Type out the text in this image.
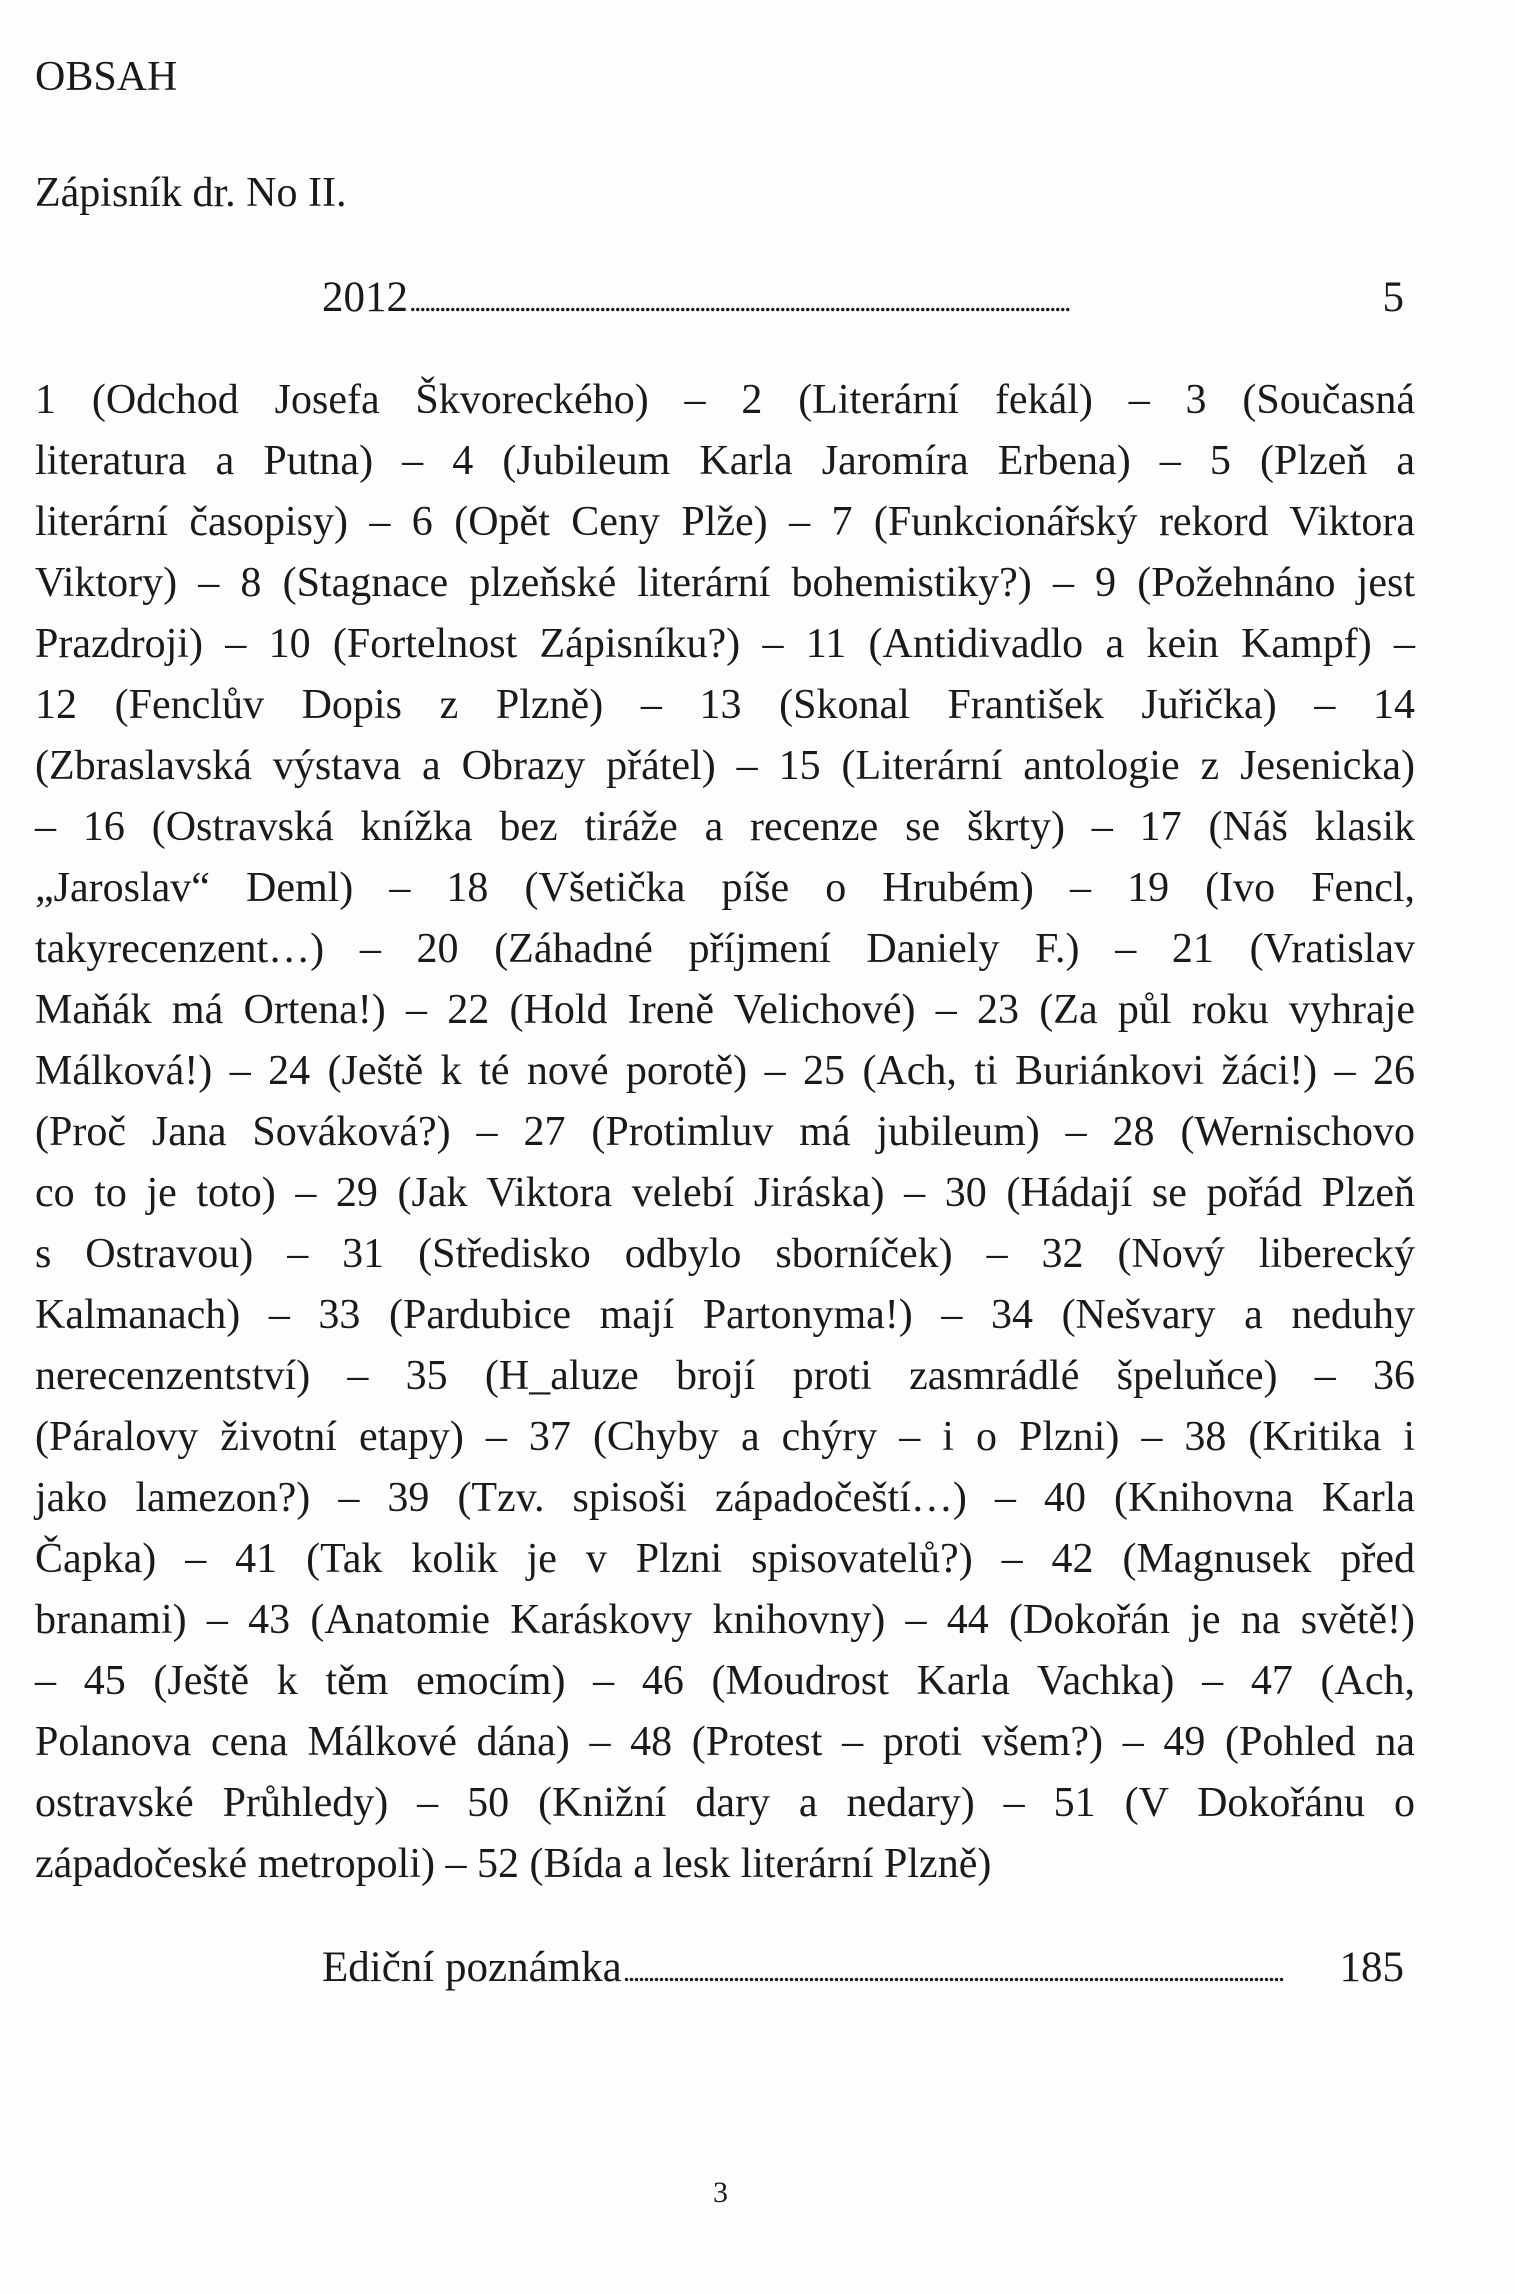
OBSAH
Zápisník dr. No II.
2012 . . .	5
1 (Odchod Josefa Škvoreckého) – 2 (Literární fekál) – 3 (Současná
literatura a Putna) – 4 (Jubileum Karla Jaromíra Erbena) – 5 (Plzeň a
literární časopisy) – 6 (Opět Ceny Plže) – 7 (Funkcionářský rekord Viktora
Viktory) – 8 (Stagnace plzeňské literární bohemistiky?) – 9 (Požehnáno jest
Prazdroji) – 10 (Fortelnost Zápisníku?) – 11 (Antidivadlo a kein Kampf) –
12 (Fenclův Dopis z Plzně) – 13 (Skonal František Juřička) – 14
(Zbraslavská výstava a Obrazy přátel) – 15 (Literární antologie z Jesenicka)
– 16 (Ostravská knížka bez tiráže a recenze se škrty) – 17 (Náš klasik
„Jaroslav“ Deml) – 18 (Všetička píše o Hrubém) – 19 (Ivo Fencl,
takyrecenzent…) – 20 (Záhadné příjmení Daniely F.) – 21 (Vratislav
Maňák má Ortena!) – 22 (Hold Ireně Velichové) – 23 (Za půl roku vyhraje
Málková!) – 24 (Ještě k té nové porotě) – 25 (Ach, ti Buriánkovi žáci!) – 26
(Proč Jana Sováková?) – 27 (Protimluv má jubileum) – 28 (Wernischovo
co to je toto) – 29 (Jak Viktora velebí Jiráska) – 30 (Hádají se pořád Plzeň
s Ostravou) – 31 (Středisko odbylo sborníček) – 32 (Nový liberecký
Kalmanach) – 33 (Pardubice mají Partonyma!) – 34 (Nešvary a neduhy
nerecenzentství) – 35 (H_aluze brojí proti zasmrádlé špeluňce) – 36
(Páralovy životní etapy) – 37 (Chyby a chýry – i o Plzni) – 38 (Kritika i
jako lamezon?) – 39 (Tzv. spisoši západočeští…) – 40 (Knihovna Karla
Čapka) – 41 (Tak kolik je v Plzni spisovatelů?) – 42 (Magnusek před
branami) – 43 (Anatomie Karáskovy knihovny) – 44 (Dokořán je na světě!)
– 45 (Ještě k těm emocím) – 46 (Moudrost Karla Vachka) – 47 (Ach,
Polanova cena Málkové dána) – 48 (Protest – proti všem?) – 49 (Pohled na
ostravské Průhledy) – 50 (Knižní dary a nedary) – 51 (V Dokořánu o
západočeské metropoli) – 52 (Bída a lesk literární Plzně)
Ediční poznámka . . .	185
3
